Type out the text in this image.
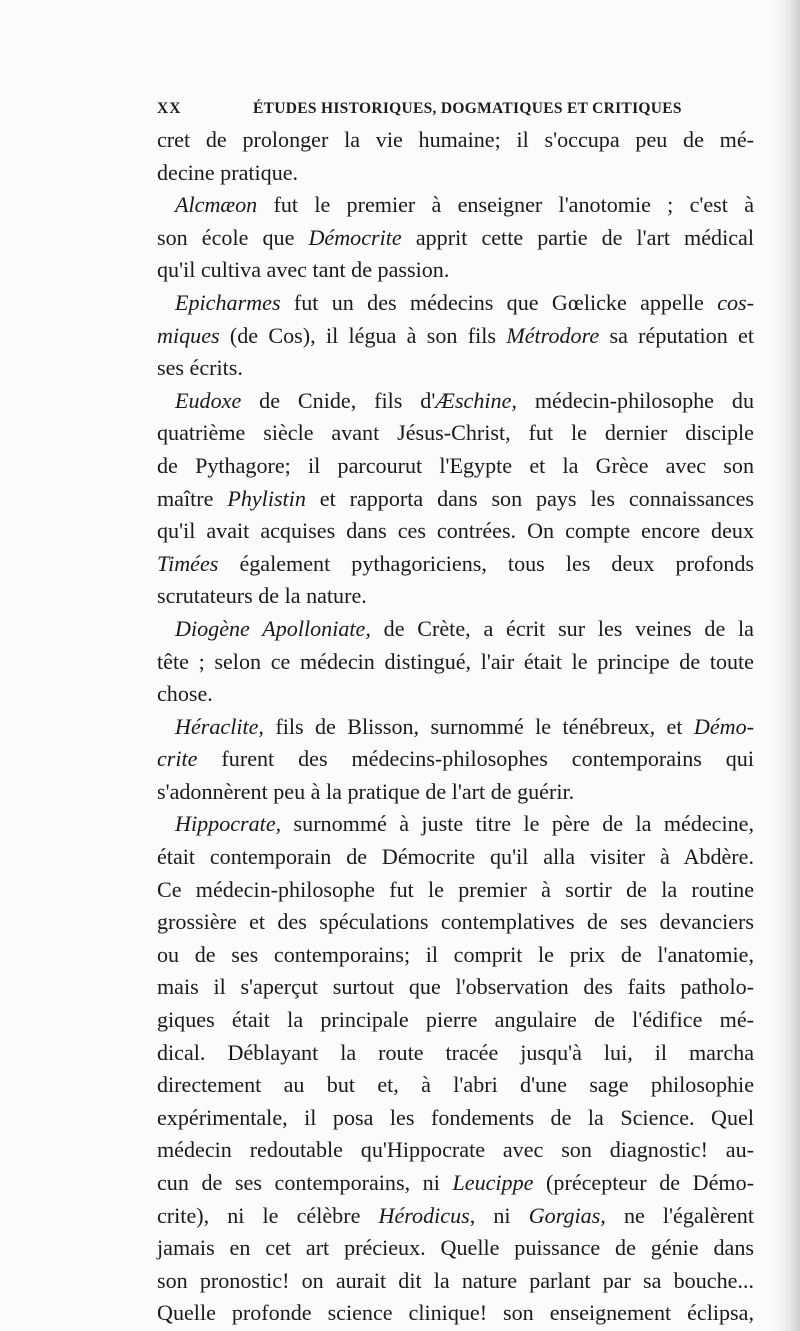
XX	ÉTUDES HISTORIQUES, DOGMATIQUES ET CRITIQUES
cret de prolonger la vie humaine; il s'occupa peu de mé-
decine pratique.
Alcmæon fut le premier à enseigner l'anotomie ; c'est à
son école que Démocrite apprit cette partie de l'art médical
qu'il cultiva avec tant de passion.
Epicharmes fut un des médecins que Gœlicke appelle cos-
miques (de Cos), il légua à son fils Métrodore sa réputation et
ses écrits.
Eudoxe de Cnide, fils d'Æschine, médecin-philosophe du
quatrième siècle avant Jésus-Christ, fut le dernier disciple
de Pythagore; il parcourut l'Egypte et la Grèce avec son
maître Phylistin et rapporta dans son pays les connaissances
qu'il avait acquises dans ces contrées. On compte encore deux
Timées également pythagoriciens, tous les deux profonds
scrutateurs de la nature.
Diogène Apolloniate, de Crète, a écrit sur les veines de la
tête ; selon ce médecin distingué, l'air était le principe de toute
chose.
Héraclite, fils de Blisson, surnommé le ténébreux, et Démo-
crite furent des médecins-philosophes contemporains qui
s'adonnèrent peu à la pratique de l'art de guérir.
Hippocrate, surnommé à juste titre le père de la médecine,
était contemporain de Démocrite qu'il alla visiter à Abdère.
Ce médecin-philosophe fut le premier à sortir de la routine
grossière et des spéculations contemplatives de ses devanciers
ou de ses contemporains; il comprit le prix de l'anatomie,
mais il s'aperçut surtout que l'observation des faits patholo-
giques était la principale pierre angulaire de l'édifice mé-
dical. Déblayant la route tracée jusqu'à lui, il marcha
directement au but et, à l'abri d'une sage philosophie
expérimentale, il posa les fondements de la Science. Quel
médecin redoutable qu'Hippocrate avec son diagnostic! au-
cun de ses contemporains, ni Leucippe (précepteur de Démo-
crite), ni le célèbre Hérodicus, ni Gorgias, ne l'égalèrent
jamais en cet art précieux. Quelle puissance de génie dans
son pronostic! on aurait dit la nature parlant par sa bouche...
Quelle profonde science clinique! son enseignement éclipsa,
